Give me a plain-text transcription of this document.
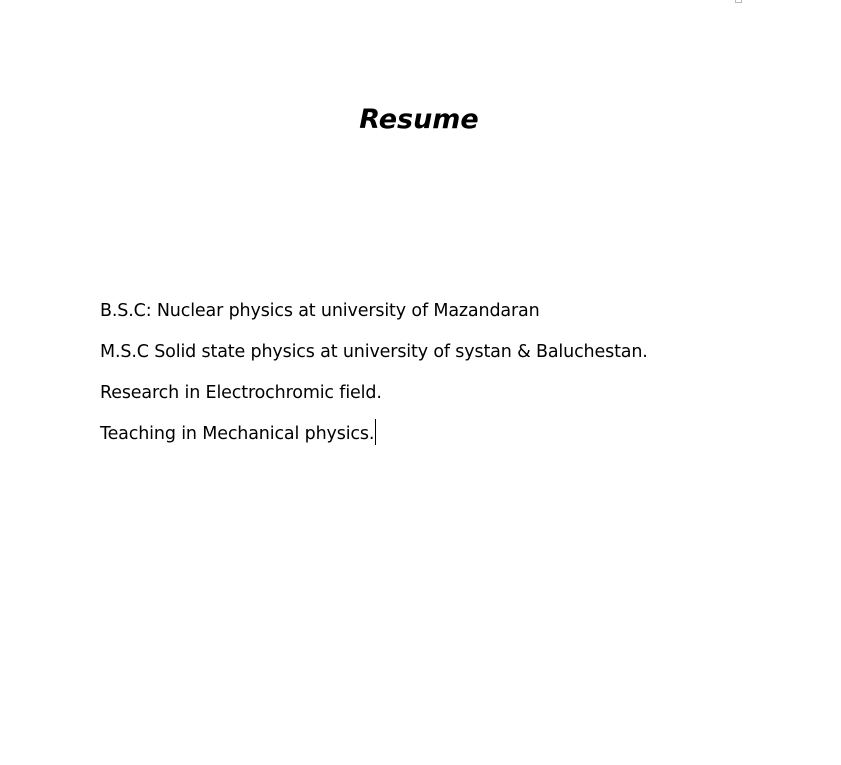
Resume

B.S.C: Nuclear physics at university of Mazandaran

M.S.C Solid state physics at university of systan & Baluchestan.

Research in Electrochromic field.

Teaching in Mechanical physics.
